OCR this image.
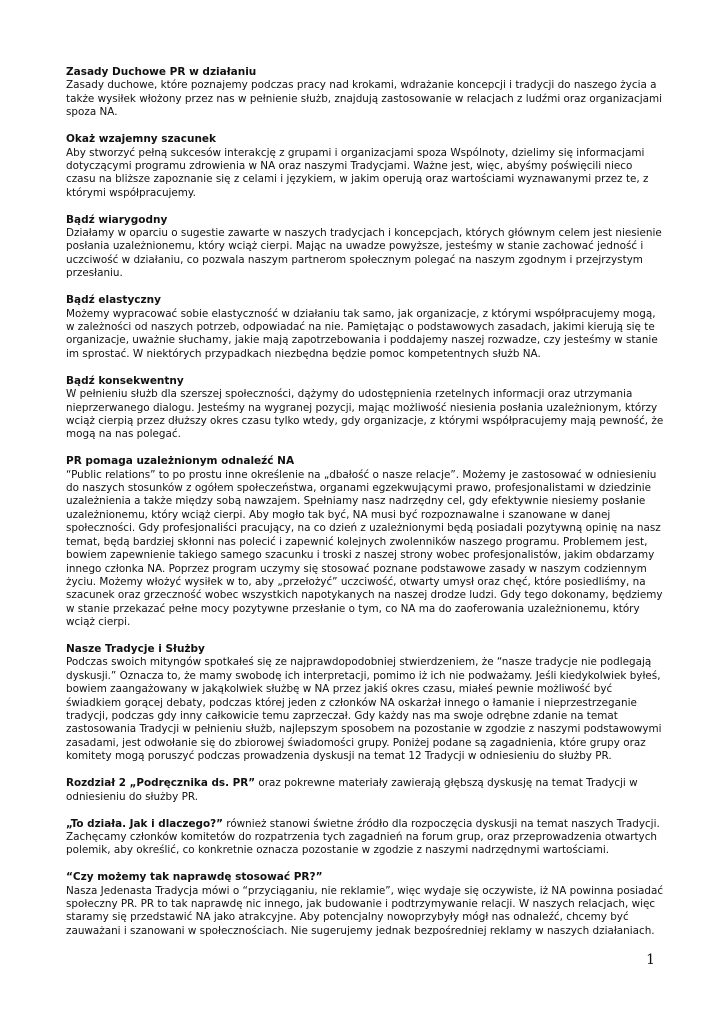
Zasady Duchowe PR w działaniu

Zasady duchowe, które poznajemy podczas pracy nad krokami, wdrażanie koncepcji i tradycji do naszego życia a także wysiłek włożony przez nas w pełnienie służb, znajdują zastosowanie w relacjach z ludźmi oraz organizacjami spoza NA.

Okaż wzajemny szacunek

Aby stworzyć pełną sukcesów interakcję z grupami i organizacjami spoza Wspólnoty, dzielimy się informacjami dotyczącymi programu zdrowienia w NA oraz naszymi Tradycjami. Ważne jest, więc, abyśmy poświęcili nieco czasu na bliższe zapoznanie się z celami i językiem, w jakim operują oraz wartościami wyznawanymi przez te, z którymi współpracujemy.

Bądź wiarygodny

Działamy w oparciu o sugestie zawarte w naszych tradycjach i koncepcjach, których głównym celem jest niesienie posłania uzależnionemu, który wciąż cierpi. Mając na uwadze powyższe, jesteśmy w stanie zachować jedność i uczciwość w działaniu, co pozwala naszym partnerom społecznym polegać na naszym zgodnym i przejrzystym przesłaniu.

Bądź elastyczny

Możemy wypracować sobie elastyczność w działaniu tak samo, jak organizacje, z którymi współpracujemy mogą, w zależności od naszych potrzeb, odpowiadać na nie. Pamiętając o podstawowych zasadach, jakimi kierują się te organizacje, uważnie słuchamy, jakie mają zapotrzebowania i poddajemy naszej rozwadze, czy jesteśmy w stanie im sprostać. W niektórych przypadkach niezbędna będzie pomoc kompetentnych służb NA.

Bądź konsekwentny

W pełnieniu służb dla szerszej społeczności, dążymy do udostępnienia rzetelnych informacji oraz utrzymania nieprzerwanego dialogu. Jesteśmy na wygranej pozycji, mając możliwość niesienia posłania uzależnionym, którzy wciąż cierpią przez dłuższy okres czasu tylko wtedy, gdy organizacje, z którymi współpracujemy mają pewność, że mogą na nas polegać.

PR pomaga uzależnionym odnaleźć NA

“Public relations” to po prostu inne określenie na „dbałość o nasze relacje”. Możemy je zastosować w odniesieniu do naszych stosunków z ogółem społeczeństwa, organami egzekwującymi prawo, profesjonalistami w dziedzinie uzależnienia a także między sobą nawzajem. Spełniamy nasz nadrzędny cel, gdy efektywnie niesiemy posłanie uzależnionemu, który wciąż cierpi. Aby mogło tak być, NA musi być rozpoznawalne i szanowane w danej społeczności. Gdy profesjonaliści pracujący, na co dzień z uzależnionymi będą posiadali pozytywną opinię na nasz temat, będą bardziej skłonni nas polecić i zapewnić kolejnych zwolenników naszego programu. Problemem jest, bowiem zapewnienie takiego samego szacunku i troski z naszej strony wobec profesjonalistów, jakim obdarzamy innego członka NA. Poprzez program uczymy się stosować poznane podstawowe zasady w naszym codziennym życiu. Możemy włożyć wysiłek w to, aby „przełożyć” uczciwość, otwarty umysł oraz chęć, które posiedliśmy, na szacunek oraz grzeczność wobec wszystkich napotykanych na naszej drodze ludzi. Gdy tego dokonamy, będziemy w stanie przekazać pełne mocy pozytywne przesłanie o tym, co NA ma do zaoferowania uzależnionemu, który wciąż cierpi.

Nasze Tradycje i Służby

Podczas swoich mityngów spotkałeś się ze najprawdopodobniej stwierdzeniem, że “nasze tradycje nie podlegają dyskusji.” Oznacza to, że mamy swobodę ich interpretacji, pomimo iż ich nie podważamy. Jeśli kiedykolwiek byłeś, bowiem zaangażowany w jakąkolwiek służbę w NA przez jakiś okres czasu, miałeś pewnie możliwość być świadkiem gorącej debaty, podczas której jeden z członków NA oskarżał innego o łamanie i nieprzestrzeganie tradycji, podczas gdy inny całkowicie temu zaprzeczał. Gdy każdy nas ma swoje odrębne zdanie na temat zastosowania Tradycji w pełnieniu służb, najlepszym sposobem na pozostanie w zgodzie z naszymi podstawowymi zasadami, jest odwołanie się do zbiorowej świadomości grupy. Poniżej podane są zagadnienia, które grupy oraz komitety mogą poruszyć podczas prowadzenia dyskusji na temat 12 Tradycji w odniesieniu do służby PR.

Rozdział 2 „Podręcznika ds. PR” oraz pokrewne materiały zawierają głębszą dyskusję na temat Tradycji w odniesieniu do służby PR.

„To działa. Jak i dlaczego?” również stanowi świetne źródło dla rozpoczęcia dyskusji na temat naszych Tradycji. Zachęcamy członków komitetów do rozpatrzenia tych zagadnień na forum grup, oraz przeprowadzenia otwartych polemik, aby określić, co konkretnie oznacza pozostanie w zgodzie z naszymi nadrzędnymi wartościami.

“Czy możemy tak naprawdę stosować PR?”

Nasza Jedenasta Tradycja mówi o “przyciąganiu, nie reklamie”, więc wydaje się oczywiste, iż NA powinna posiadać społeczny PR. PR to tak naprawdę nic innego, jak budowanie i podtrzymywanie relacji. W naszych relacjach, więc staramy się przedstawić NA jako atrakcyjne. Aby potencjalny nowoprzybyły mógł nas odnaleźć, chcemy być zauważani i szanowani w społecznościach. Nie sugerujemy jednak bezpośredniej reklamy w naszych działaniach.

1
